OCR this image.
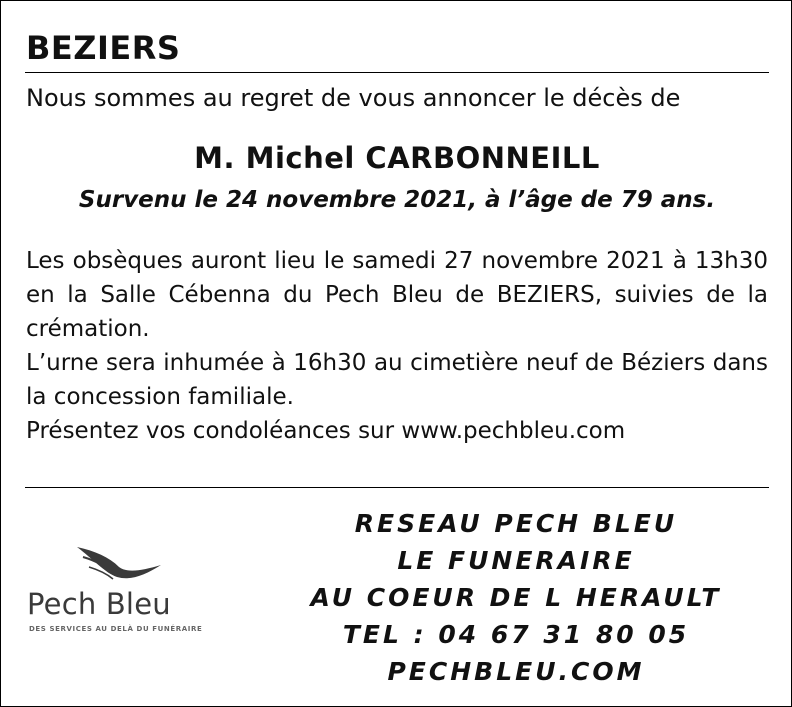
BEZIERS
Nous sommes au regret de vous annoncer le décès de
M. Michel CARBONNEILL
Survenu le 24 novembre 2021, à l’âge de 79 ans.

Les obsèques auront lieu le samedi 27 novembre 2021 à 13h30 en la Salle Cébenna du Pech Bleu de BEZIERS, suivies de la crémation.

L’urne sera inhumée à 16h30 au cimetière neuf de Béziers dans la concession familiale.

Présentez vos condoléances sur www.pechbleu.com

Pech Bleu
DES SERVICES AU DELÀ DU FUNÉRAIRE
RESEAU PECH BLEU
LE FUNERAIRE
AU COEUR DE L HERAULT
TEL : 04 67 31 80 05
PECHBLEU.COM
